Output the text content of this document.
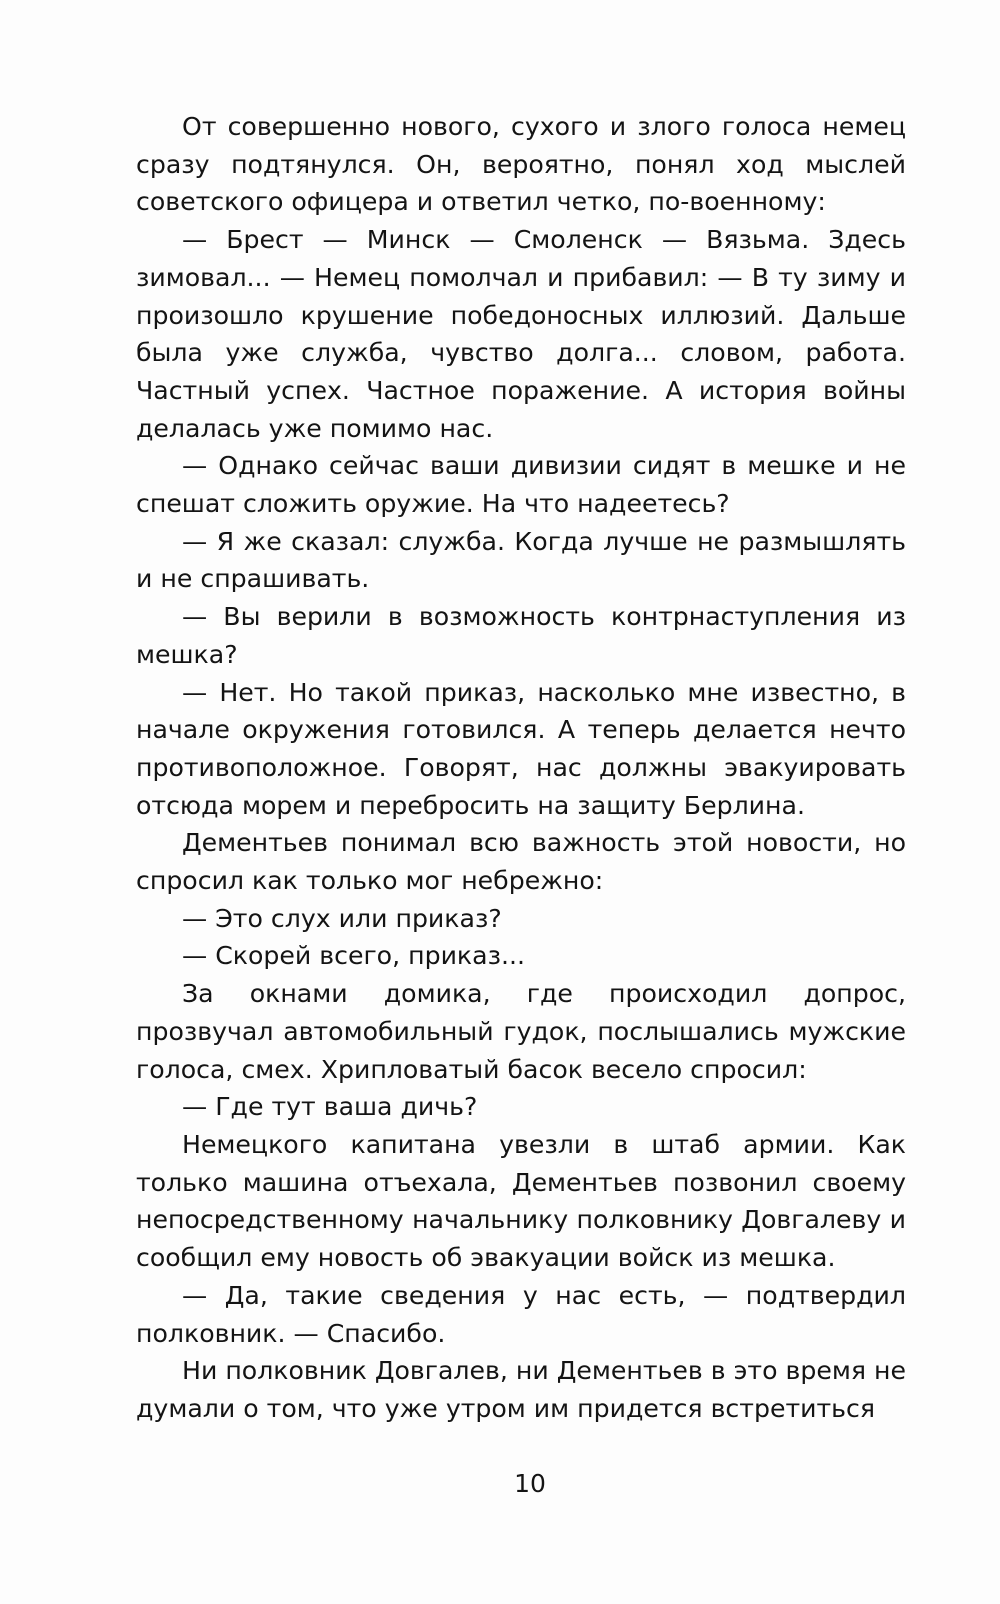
От совершенно нового, сухого и злого голоса немец сразу подтянулся. Он, вероятно, понял ход мыслей советского офицера и ответил четко, по-военному:

— Брест — Минск — Смоленск — Вязьма. Здесь зимовал... — Немец помолчал и прибавил: — В ту зиму и произошло крушение победоносных иллюзий. Дальше была уже служба, чувство долга... словом, работа. Частный успех. Частное поражение. А история войны делалась уже помимо нас.

— Однако сейчас ваши дивизии сидят в мешке и не спешат сложить оружие. На что надеетесь?

— Я же сказал: служба. Когда лучше не размышлять и не спрашивать.

— Вы верили в возможность контрнаступления из мешка?

— Нет. Но такой приказ, насколько мне известно, в начале окружения готовился. А теперь делается нечто противоположное. Говорят, нас должны эвакуировать отсюда морем и перебросить на защиту Берлина.

Дементьев понимал всю важность этой новости, но спросил как только мог небрежно:

— Это слух или приказ?

— Скорей всего, приказ...

За окнами домика, где происходил допрос, прозвучал автомобильный гудок, послышались мужские голоса, смех. Хрипловатый басок весело спросил:

— Где тут ваша дичь?

Немецкого капитана увезли в штаб армии. Как только машина отъехала, Дементьев позвонил своему непосредственному начальнику полковнику Довгалеву и сообщил ему новость об эвакуации войск из мешка.

— Да, такие сведения у нас есть, — подтвердил полковник. — Спасибо.

Ни полковник Довгалев, ни Дементьев в это время не думали о том, что уже утром им придется встретиться

10
